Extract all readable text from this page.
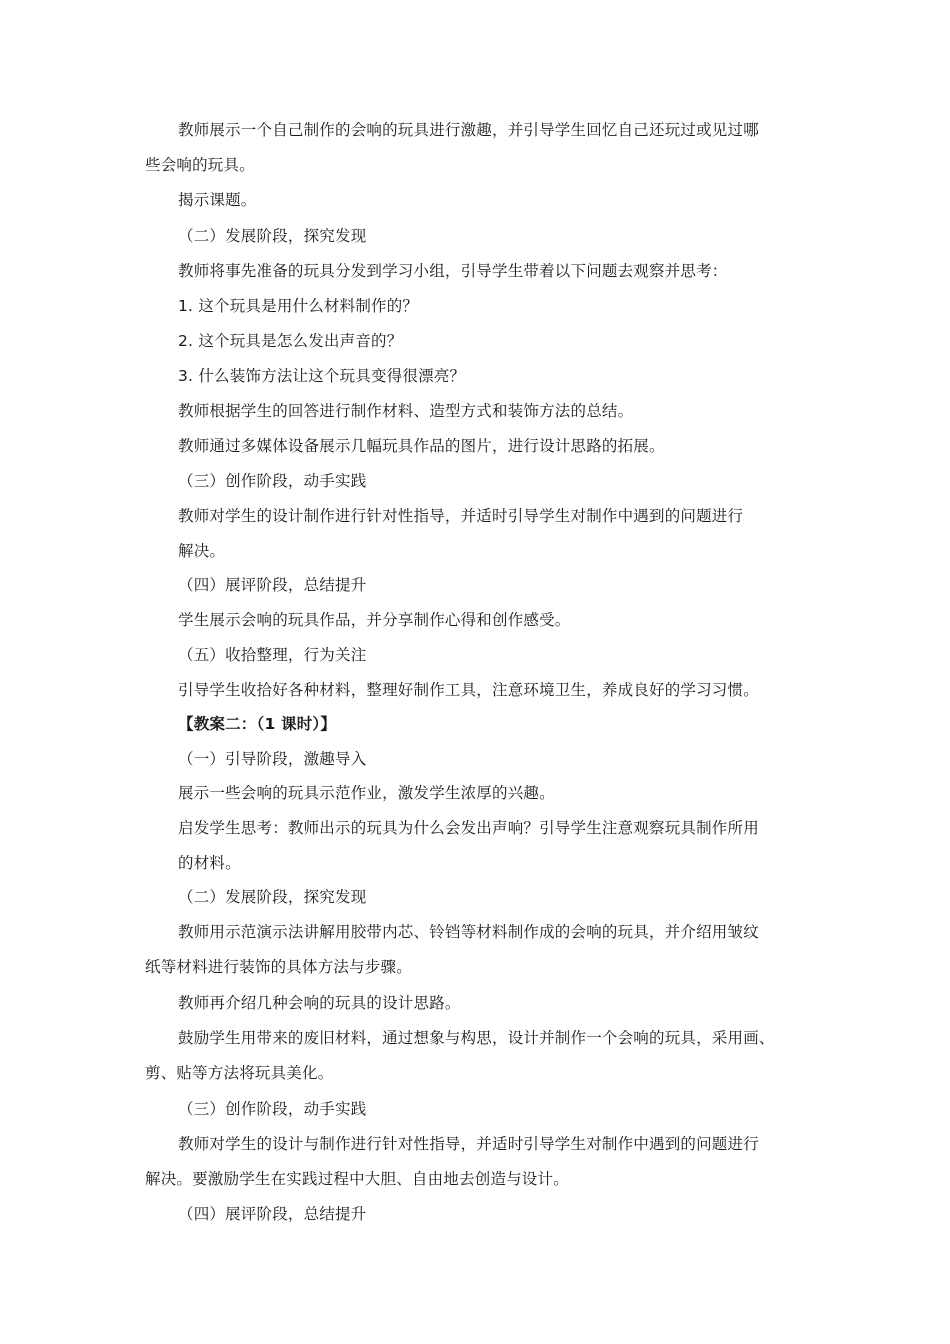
教师展示一个自己制作的会响的玩具进行激趣，并引导学生回忆自己还玩过或见过哪
些会响的玩具。
揭示课题。
（二）发展阶段，探究发现
教师将事先准备的玩具分发到学习小组，引导学生带着以下问题去观察并思考：
1. 这个玩具是用什么材料制作的？
2. 这个玩具是怎么发出声音的？
3. 什么装饰方法让这个玩具变得很漂亮？
教师根据学生的回答进行制作材料、造型方式和装饰方法的总结。
教师通过多媒体设备展示几幅玩具作品的图片，进行设计思路的拓展。
（三）创作阶段，动手实践
教师对学生的设计制作进行针对性指导，并适时引导学生对制作中遇到的问题进行
解决。
（四）展评阶段，总结提升
学生展示会响的玩具作品，并分享制作心得和创作感受。
（五）收拾整理，行为关注
引导学生收拾好各种材料，整理好制作工具，注意环境卫生，养成良好的学习习惯。
【教案二：（1 课时）】
（一）引导阶段，激趣导入
展示一些会响的玩具示范作业，激发学生浓厚的兴趣。
启发学生思考：教师出示的玩具为什么会发出声响？引导学生注意观察玩具制作所用
的材料。
（二）发展阶段，探究发现
教师用示范演示法讲解用胶带内芯、铃铛等材料制作成的会响的玩具，并介绍用皱纹
纸等材料进行装饰的具体方法与步骤。
教师再介绍几种会响的玩具的设计思路。
鼓励学生用带来的废旧材料，通过想象与构思，设计并制作一个会响的玩具，采用画、
剪、贴等方法将玩具美化。
（三）创作阶段，动手实践
教师对学生的设计与制作进行针对性指导，并适时引导学生对制作中遇到的问题进行
解决。要激励学生在实践过程中大胆、自由地去创造与设计。
（四）展评阶段，总结提升
